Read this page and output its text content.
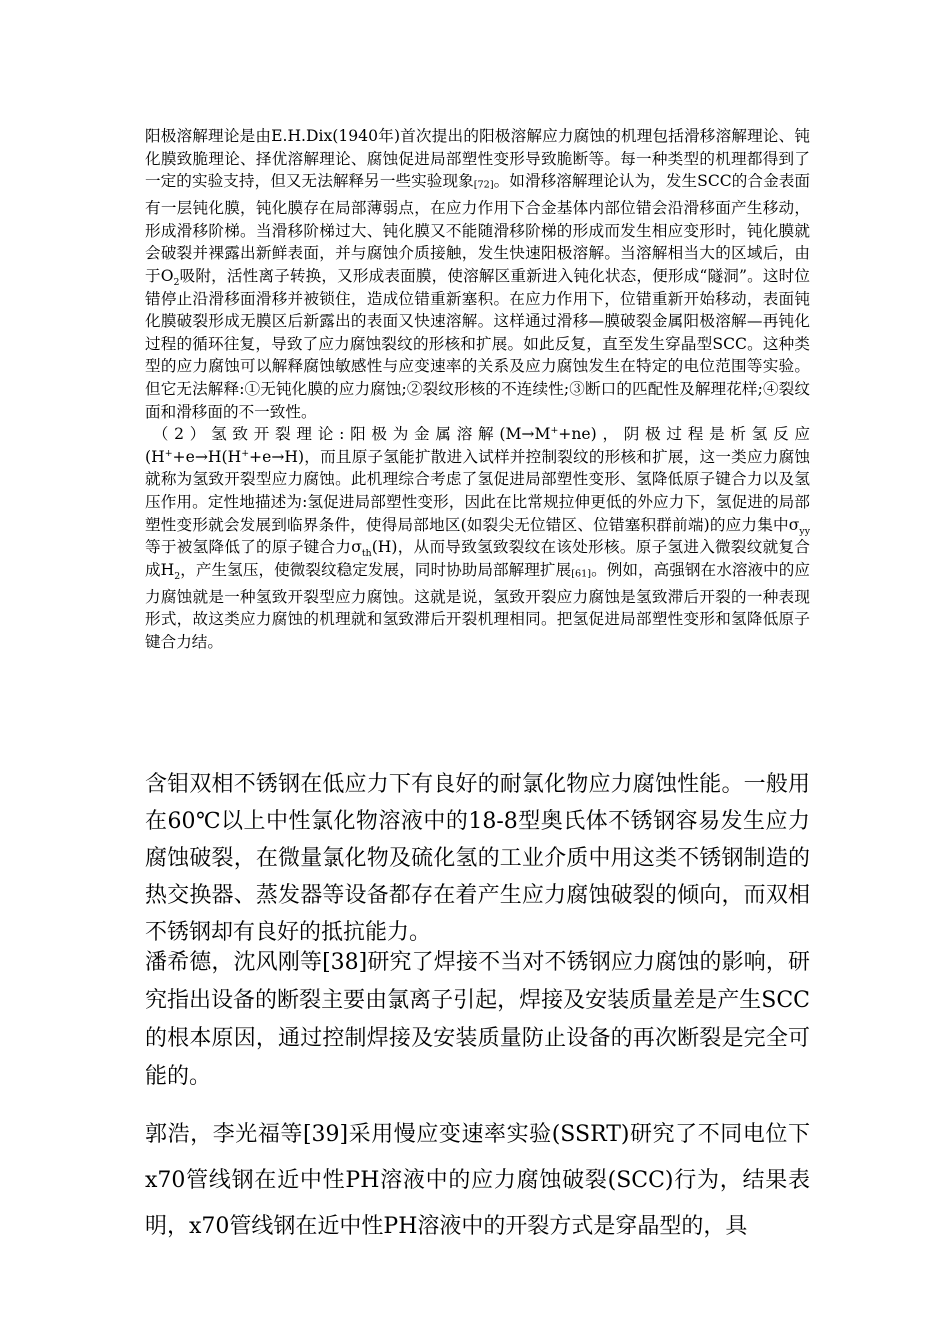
阳极溶解理论是由E.H.Dix(1940年)首次提出的阳极溶解应力腐蚀的机理包括滑移溶解理论、钝化膜致脆理论、择优溶解理论、腐蚀促进局部塑性变形导致脆断等。每一种类型的机理都得到了一定的实验支持，但又无法解释另一些实验现象[72]。如滑移溶解理论认为，发生SCC的合金表面有一层钝化膜，钝化膜存在局部薄弱点，在应力作用下合金基体内部位错会沿滑移面产生移动，形成滑移阶梯。当滑移阶梯过大、钝化膜又不能随滑移阶梯的形成而发生相应变形时，钝化膜就会破裂并裸露出新鲜表面，并与腐蚀介质接触，发生快速阳极溶解。当溶解相当大的区域后，由于$O_2$吸附，活性离子转换，又形成表面膜，使溶解区重新进入钝化状态，便形成“隧洞”。这时位错停止沿滑移面滑移并被锁住，造成位错重新塞积。在应力作用下，位错重新开始移动，表面钝化膜破裂形成无膜区后新露出的表面又快速溶解。这样通过滑移—膜破裂金属阳极溶解—再钝化过程的循环往复，导致了应力腐蚀裂纹的形核和扩展。如此反复，直至发生穿晶型SCC。这种类型的应力腐蚀可以解释腐蚀敏感性与应变速率的关系及应力腐蚀发生在特定的电位范围等实验。但它无法解释:①无钝化膜的应力腐蚀;②裂纹形核的不连续性;③断口的匹配性及解理花样;④裂纹面和滑移面的不一致性。

（2）氢致开裂理论:阳极为金属溶解(M→M++ne)，阴极过程是析氢反应(H++e→H(H++e→H)，而且原子氢能扩散进入试样并控制裂纹的形核和扩展，这一类应力腐蚀就称为氢致开裂型应力腐蚀。此机理综合考虑了氢促进局部塑性变形、氢降低原子键合力以及氢压作用。定性地描述为:氢促进局部塑性变形，因此在比常规拉伸更低的外应力下，氢促进的局部塑性变形就会发展到临界条件，使得局部地区(如裂尖无位错区、位错塞积群前端)的应力集中$\sigma_{yy}$等于被氢降低了的原子键合力$\sigma_{th}(H)$，从而导致氢致裂纹在该处形核。原子氢进入微裂纹就复合成$H_2$，产生氢压，使微裂纹稳定发展，同时协助局部解理扩展[61]。例如，高强钢在水溶液中的应力腐蚀就是一种氢致开裂型应力腐蚀。这就是说，氢致开裂应力腐蚀是氢致滞后开裂的一种表现形式，故这类应力腐蚀的机理就和氢致滞后开裂机理相同。把氢促进局部塑性变形和氢降低原子键合力结。

含钼双相不锈钢在低应力下有良好的耐氯化物应力腐蚀性能。一般用在60℃以上中性氯化物溶液中的18-8型奥氏体不锈钢容易发生应力腐蚀破裂，在微量氯化物及硫化氢的工业介质中用这类不锈钢制造的热交换器、蒸发器等设备都存在着产生应力腐蚀破裂的倾向，而双相不锈钢却有良好的抵抗能力。

潘希德，沈风刚等[38]研究了焊接不当对不锈钢应力腐蚀的影响，研究指出设备的断裂主要由氯离子引起，焊接及安装质量差是产生SCC的根本原因，通过控制焊接及安装质量防止设备的再次断裂是完全可能的。

郭浩，李光福等[39]采用慢应变速率实验(SSRT)研究了不同电位下x70管线钢在近中性PH溶液中的应力腐蚀破裂(SCC)行为，结果表明，x70管线钢在近中性PH溶液中的开裂方式是穿晶型的，具
